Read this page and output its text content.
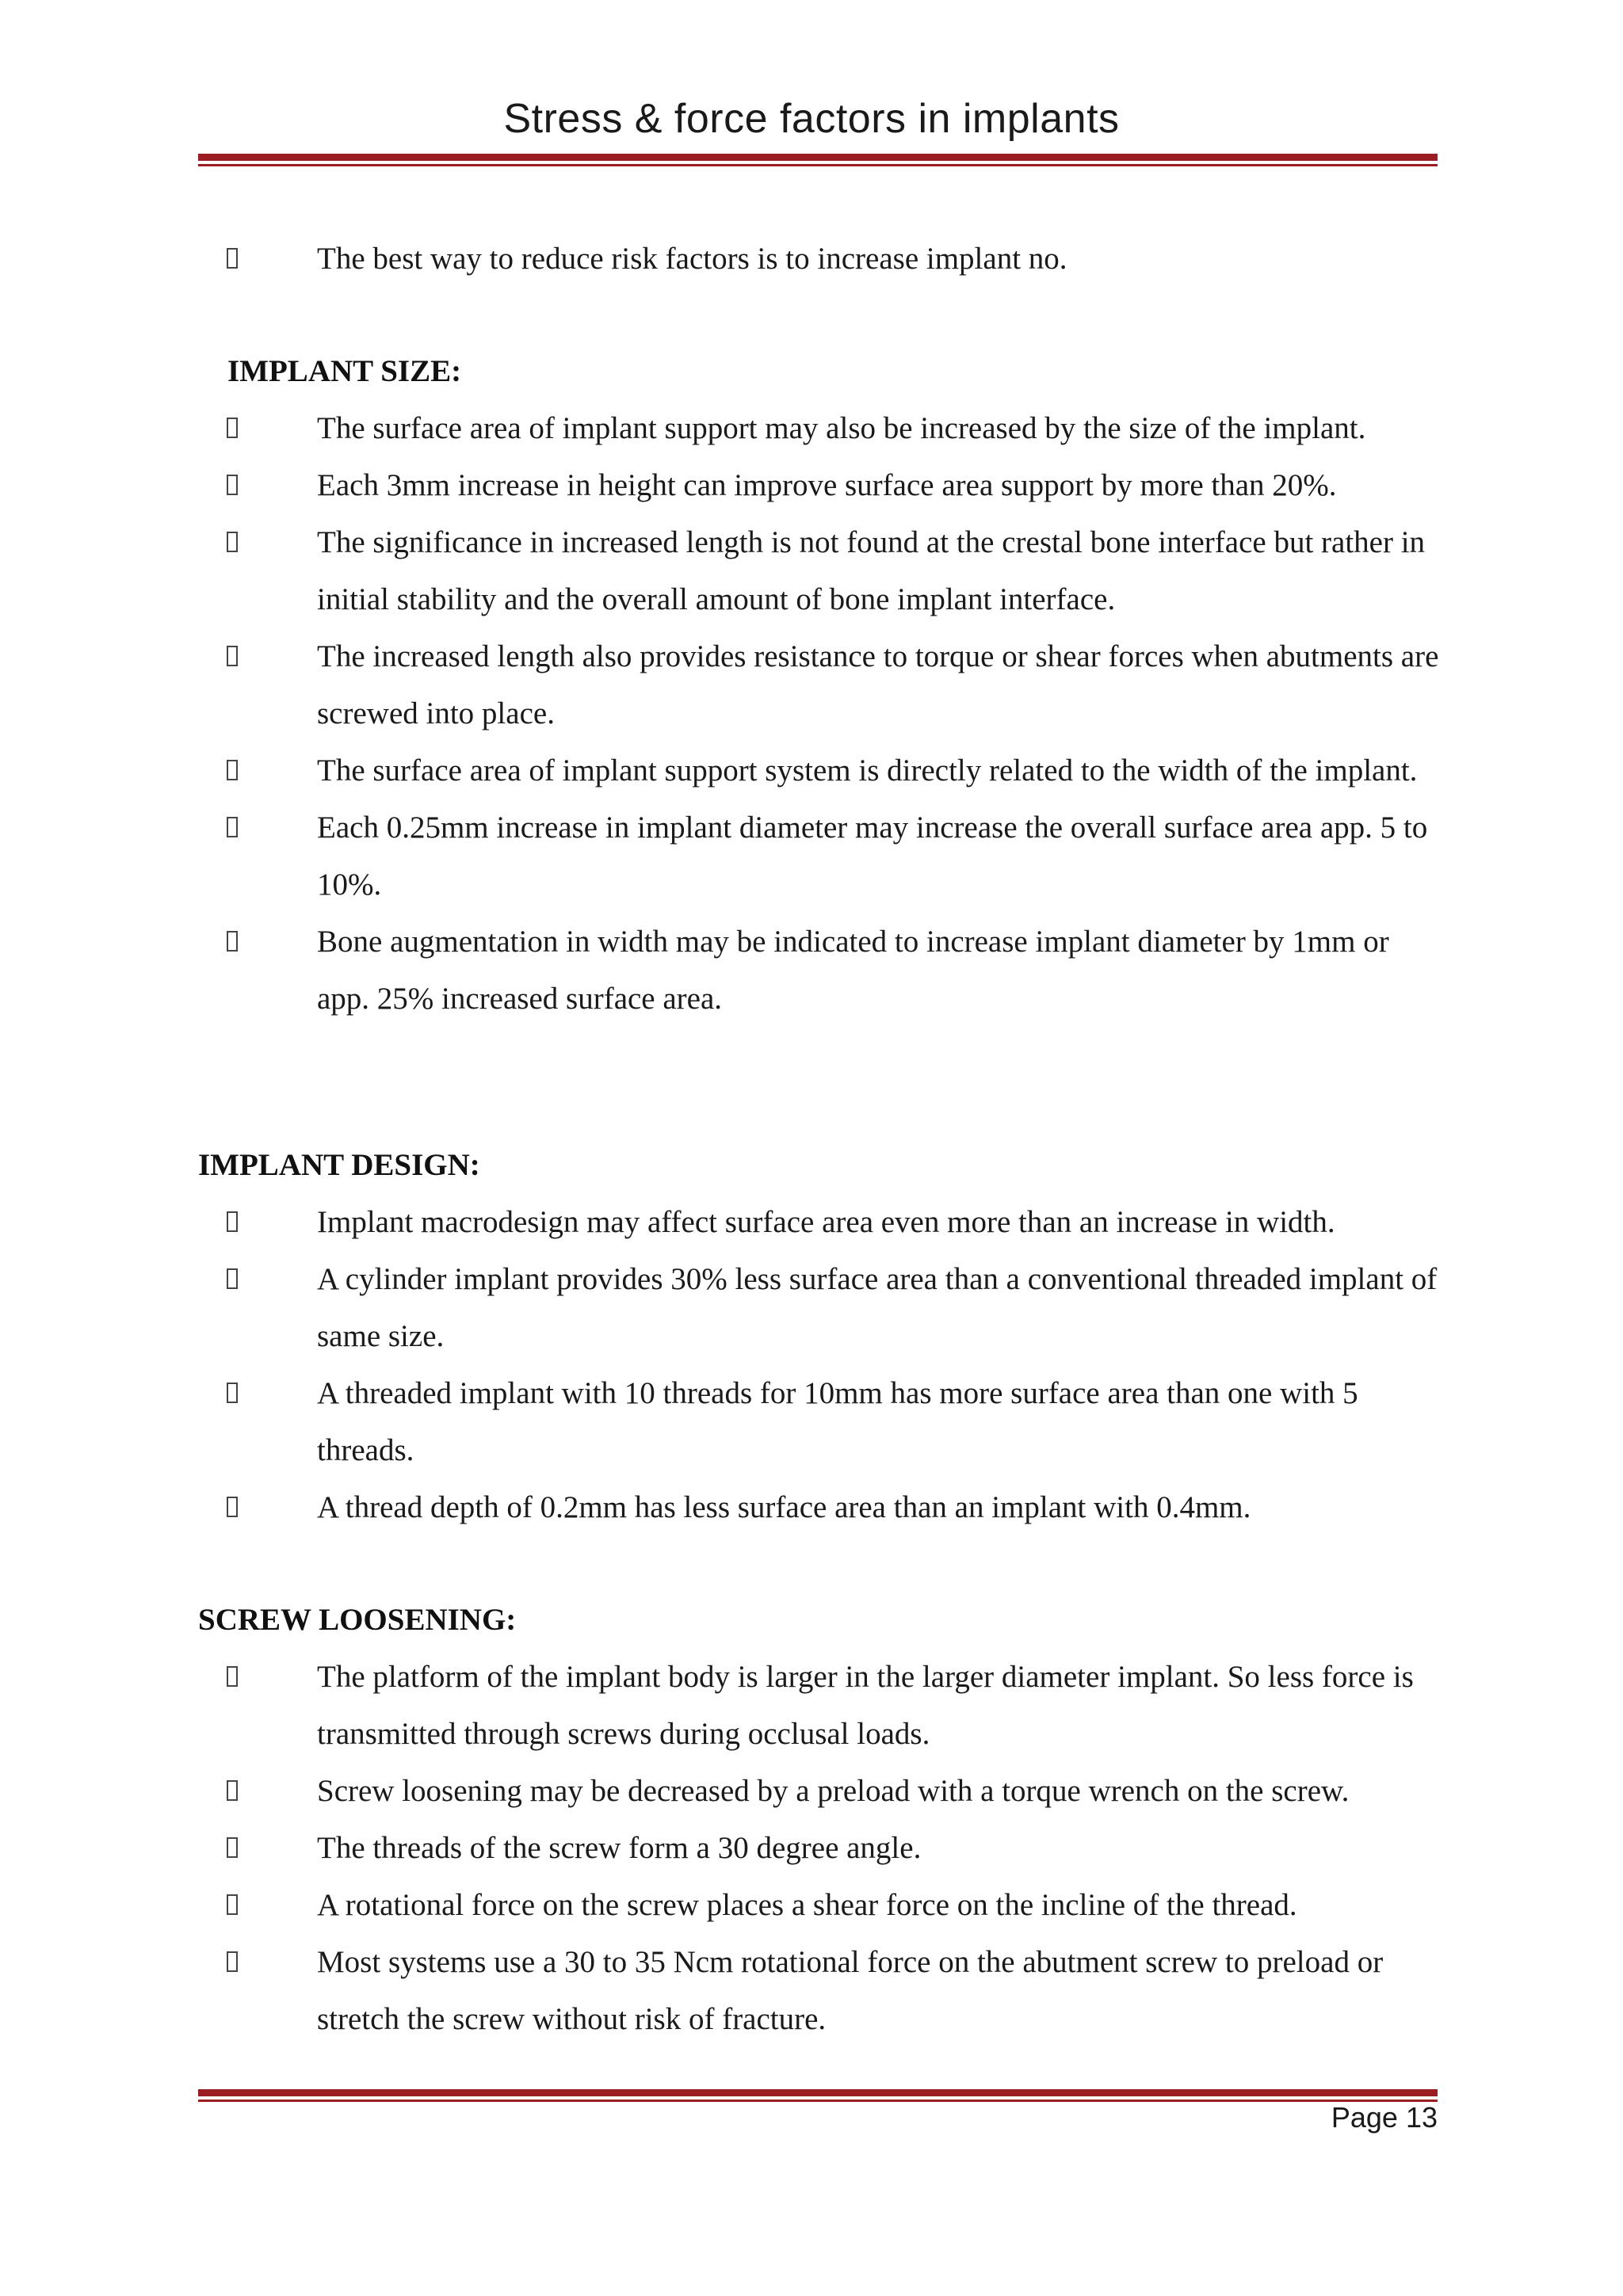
Stress & force factors in implants
The best way to reduce risk factors is to increase implant no.
IMPLANT SIZE:
The surface area of implant support may also be increased by the size of the implant.
Each 3mm increase in height can improve surface area support by more than 20%.
The significance in increased length is not found at the crestal bone interface but rather in initial stability and the overall amount of bone implant interface.
The increased length also provides resistance to torque or shear forces when abutments are screwed into place.
The surface area of implant support system is directly related to the width of the implant.
Each 0.25mm increase in implant diameter may increase the overall surface area app. 5 to 10%.
Bone augmentation in width may be indicated to increase implant diameter by 1mm or app. 25% increased surface area.
IMPLANT DESIGN:
Implant macrodesign may affect surface area even more than an increase in width.
A cylinder implant provides 30% less surface area than a conventional threaded implant of same size.
A threaded implant with 10 threads for 10mm has more surface area than one with 5 threads.
A thread depth of 0.2mm has less surface area than an implant with 0.4mm.
SCREW LOOSENING:
The platform of the implant body is larger in the larger diameter implant. So less force is transmitted through screws during occlusal loads.
Screw loosening may be decreased by a preload with a torque wrench on the screw.
The threads of the screw form a 30 degree angle.
A rotational force on the screw places a shear force on the incline of the thread.
Most systems use a 30 to 35 Ncm rotational force on the abutment screw to preload or stretch the screw without risk of fracture.
Page 13
